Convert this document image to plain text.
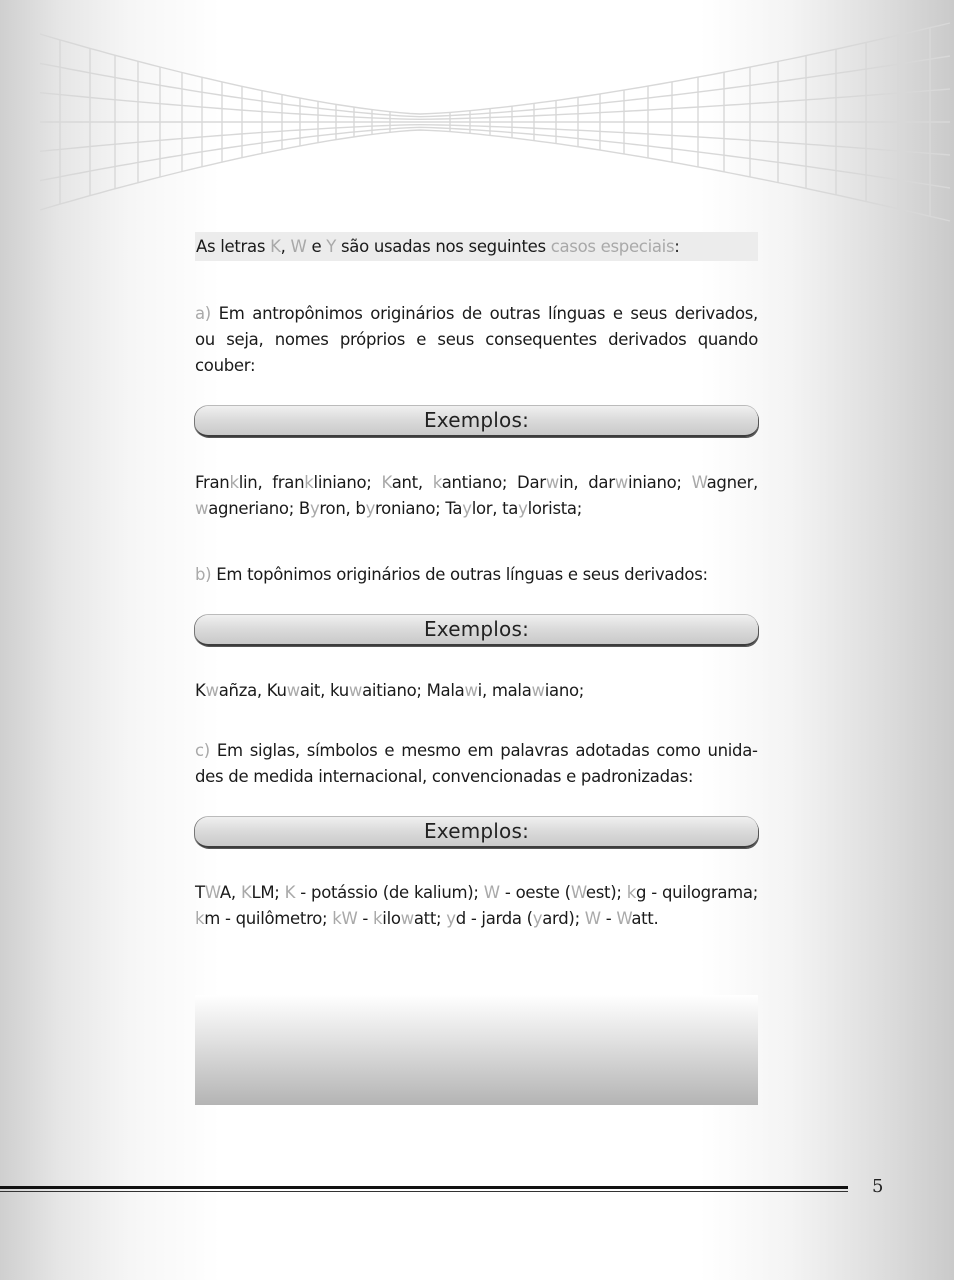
As letras K, W e Y são usadas nos seguintes casos especiais:

a) Em antropônimos originários de outras línguas e seus derivados, ou seja, nomes próprios e seus consequentes derivados quando couber:

Exemplos:

Franklin, frankliniano; Kant, kantiano; Darwin, darwiniano; Wagner, wagneriano; Byron, byroniano; Taylor, taylorista;

b) Em topônimos originários de outras línguas e seus derivados:

Exemplos:

Kwañza, Kuwait, kuwaitiano; Malawi, malawiano;

c) Em siglas, símbolos e mesmo em palavras adotadas como unidades de medida internacional, convencionadas e padronizadas:

Exemplos:

TWA, KLM; K - potássio (de kalium); W - oeste (West); kg - quilograma; km - quilômetro; kW - kilowatt; yd - jarda (yard); W - Watt.

5
